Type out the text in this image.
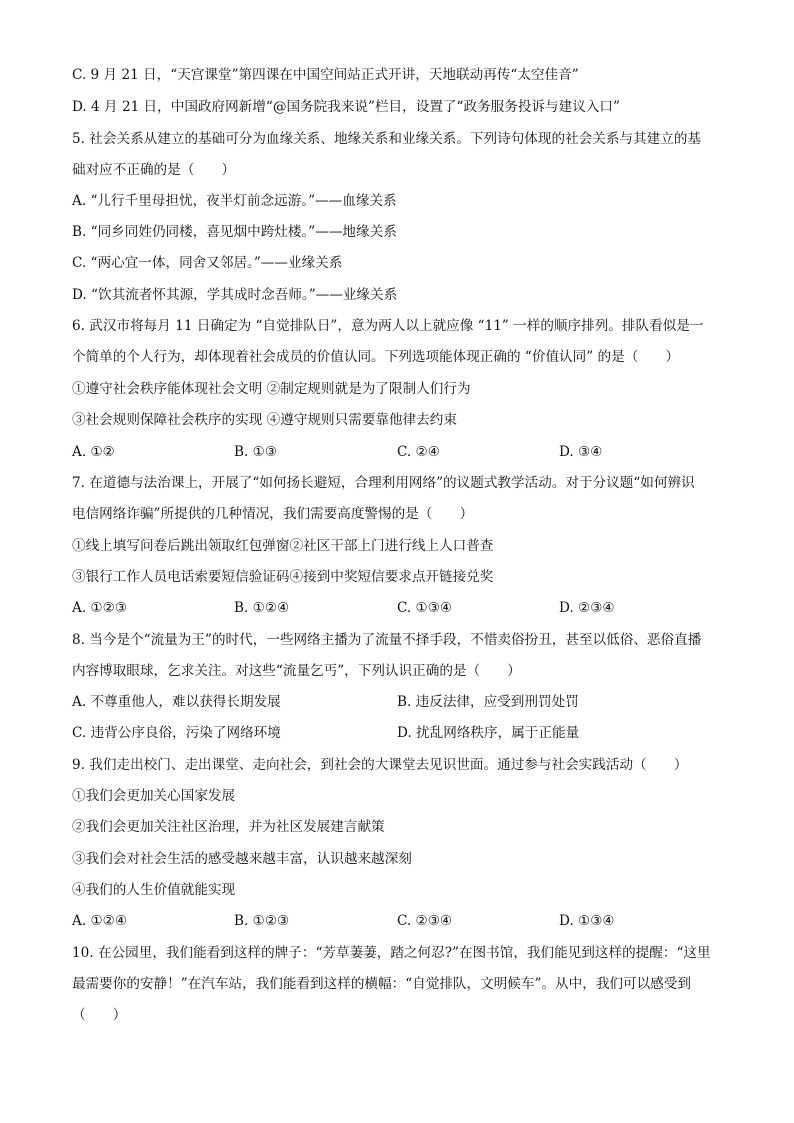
C. 9 月 21 日，“天宫课堂”第四课在中国空间站正式开讲，天地联动再传“太空佳音”
D. 4 月 21 日，中国政府网新增“@国务院我来说”栏目，设置了“政务服务投诉与建议入口”
5. 社会关系从建立的基础可分为血缘关系、地缘关系和业缘关系。下列诗句体现的社会关系与其建立的基
础对应不正确的是（　　）
A. “儿行千里母担忧，夜半灯前念远游。”——血缘关系
B. “同乡同姓仍同楼，喜见烟中跨灶楼。”——地缘关系
C. “两心宜一体，同舍又邻居。”——业缘关系
D. “饮其流者怀其源，学其成时念吾师。”——业缘关系
6. 武汉市将每月 11 日确定为 “自觉排队日”，意为两人以上就应像 “11” 一样的顺序排列。排队看似是一
个简单的个人行为，却体现着社会成员的价值认同。下列选项能体现正确的 “价值认同” 的是（　　）
①遵守社会秩序能体现社会文明 ②制定规则就是为了限制人们行为
③社会规则保障社会秩序的实现 ④遵守规则只需要靠他律去约束
A. ①②	B. ①③	C. ②④	D. ③④
7. 在道德与法治课上，开展了“如何扬长避短，合理利用网络”的议题式教学活动。对于分议题“如何辨识
电信网络诈骗”所提供的几种情况，我们需要高度警惕的是（　　）
①线上填写问卷后跳出领取红包弹窗②社区干部上门进行线上人口普查
③银行工作人员电话索要短信验证码④接到中奖短信要求点开链接兑奖
A. ①②③	B. ①②④	C. ①③④	D. ②③④
8. 当今是个“流量为王”的时代，一些网络主播为了流量不择手段，不惜卖俗扮丑，甚至以低俗、恶俗直播
内容博取眼球，乞求关注。对这些“流量乞丐”，下列认识正确的是（　　）
A. 不尊重他人，难以获得长期发展	B. 违反法律，应受到刑罚处罚
C. 违背公序良俗，污染了网络环境	D. 扰乱网络秩序，属于正能量
9. 我们走出校门、走出课堂、走向社会，到社会的大课堂去见识世面。通过参与社会实践活动（　　）
①我们会更加关心国家发展
②我们会更加关注社区治理，并为社区发展建言献策
③我们会对社会生活的感受越来越丰富，认识越来越深刻
④我们的人生价值就能实现
A. ①②④	B. ①②③	C. ②③④	D. ①③④
10. 在公园里，我们能看到这样的牌子：“芳草萋萋，踏之何忍?”在图书馆，我们能见到这样的提醒：“这里
最需要你的安静！”在汽车站，我们能看到这样的横幅：“自觉排队，文明候车”。从中，我们可以感受到
（　　）
